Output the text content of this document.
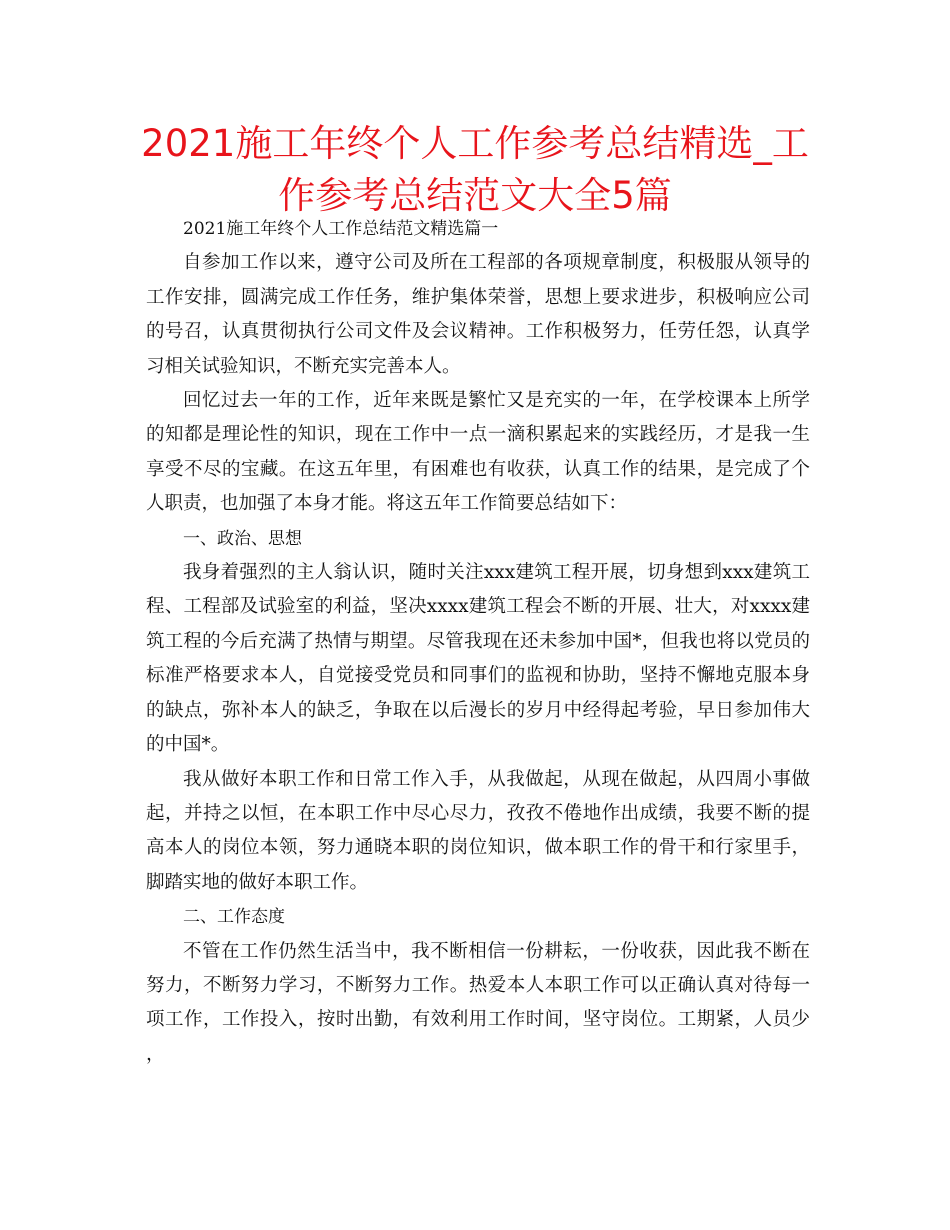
2021施工年终个人工作参考总结精选_工作参考总结范文大全5篇

2021施工年终个人工作总结范文精选篇一

自参加工作以来，遵守公司及所在工程部的各项规章制度，积极服从领导的工作安排，圆满完成工作任务，维护集体荣誉，思想上要求进步，积极响应公司的号召，认真贯彻执行公司文件及会议精神。工作积极努力，任劳任怨，认真学习相关试验知识，不断充实完善本人。

回忆过去一年的工作，近年来既是繁忙又是充实的一年，在学校课本上所学的知都是理论性的知识，现在工作中一点一滴积累起来的实践经历，才是我一生享受不尽的宝藏。在这五年里，有困难也有收获，认真工作的结果，是完成了个人职责，也加强了本身才能。将这五年工作简要总结如下：

一、政治、思想

我身着强烈的主人翁认识，随时关注xxx建筑工程开展，切身想到xxx建筑工程、工程部及试验室的利益，坚决xxxx建筑工程会不断的开展、壮大，对xxxx建筑工程的今后充满了热情与期望。尽管我现在还未参加中国*，但我也将以党员的标准严格要求本人，自觉接受党员和同事们的监视和协助，坚持不懈地克服本身的缺点，弥补本人的缺乏，争取在以后漫长的岁月中经得起考验，早日参加伟大的中国*。

我从做好本职工作和日常工作入手，从我做起，从现在做起，从四周小事做起，并持之以恒，在本职工作中尽心尽力，孜孜不倦地作出成绩，我要不断的提高本人的岗位本领，努力通晓本职的岗位知识，做本职工作的骨干和行家里手，脚踏实地的做好本职工作。

二、工作态度

不管在工作仍然生活当中，我不断相信一份耕耘，一份收获，因此我不断在努力，不断努力学习，不断努力工作。热爱本人本职工作可以正确认真对待每一项工作，工作投入，按时出勤，有效利用工作时间，坚守岗位。工期紧，人员少，
